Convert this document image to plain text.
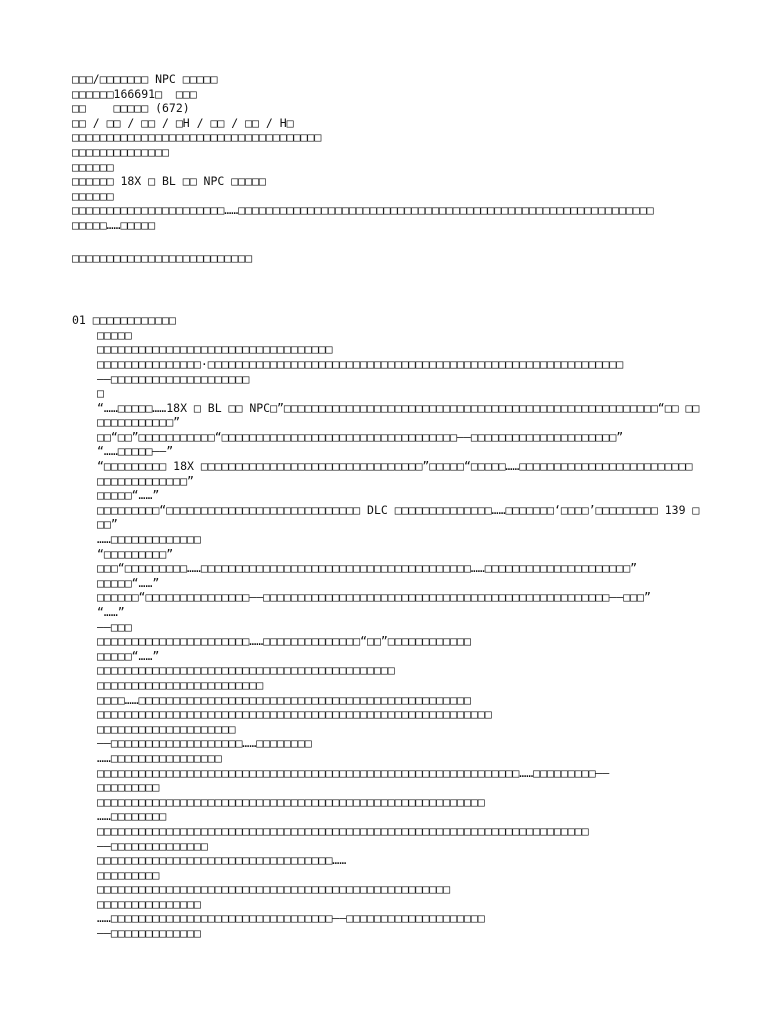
□□□/□□□□□□□ NPC □□□□□

□□□□□□166691□  □□□

□□    □□□□□ (672)

□□ / □□ / □□ / □H / □□ / □□ / H□

□□□□□□□□□□□□□□□□□□□□□□□□□□□□□□□□□□□□

□□□□□□□□□□□□□□

□□□□□□

□□□□□□ 18X □ BL □□ NPC □□□□□

□□□□□□

□□□□□□□□□□□□□□□□□□□□□□……□□□□□□□□□□□□□□□□□□□□□□□□□□□□□□□□□□□□□□□□□□□□□□□□□□□□□□□□□□□□

□□□□□……□□□□□

□□□□□□□□□□□□□□□□□□□□□□□□□□

01 □□□□□□□□□□□□

□□□□□

□□□□□□□□□□□□□□□□□□□□□□□□□□□□□□□□□□

□□□□□□□□□□□□□□□·□□□□□□□□□□□□□□□□□□□□□□□□□□□□□□□□□□□□□□□□□□□□□□□□□□□□□□□□□□□□

——□□□□□□□□□□□□□□□□□□□□

□

“……□□□□□……18X □ BL □□ NPC□”□□□□□□□□□□□□□□□□□□□□□□□□□□□□□□□□□□□□□□□□□□□□□□□□□□□□□□“□□ □□□□□□□□□□□□□”

□□“□□”□□□□□□□□□□□“□□□□□□□□□□□□□□□□□□□□□□□□□□□□□□□□□□——□□□□□□□□□□□□□□□□□□□□□”

“……□□□□□——”

“□□□□□□□□□ 18X □□□□□□□□□□□□□□□□□□□□□□□□□□□□□□□□”□□□□□“□□□□□……□□□□□□□□□□□□□□□□□□□□□□□□□ □□□□□□□□□□□□□”

□□□□□“……”

□□□□□□□□□“□□□□□□□□□□□□□□□□□□□□□□□□□□□□ DLC □□□□□□□□□□□□□□……□□□□□□□‘□□□□’□□□□□□□□□ 139 □□□”

……□□□□□□□□□□□□□

“□□□□□□□□□”

□□□“□□□□□□□□□……□□□□□□□□□□□□□□□□□□□□□□□□□□□□□□□□□□□□□□□……□□□□□□□□□□□□□□□□□□□□□”

□□□□□“……”

□□□□□□“□□□□□□□□□□□□□□□——□□□□□□□□□□□□□□□□□□□□□□□□□□□□□□□□□□□□□□□□□□□□□□□□□□——□□□”

“……”

——□□□

□□□□□□□□□□□□□□□□□□□□□□……□□□□□□□□□□□□□□“□□”□□□□□□□□□□□□

□□□□□“……”

□□□□□□□□□□□□□□□□□□□□□□□□□□□□□□□□□□□□□□□□□□□

□□□□□□□□□□□□□□□□□□□□□□□□

□□□□……□□□□□□□□□□□□□□□□□□□□□□□□□□□□□□□□□□□□□□□□□□□□□□□□

□□□□□□□□□□□□□□□□□□□□□□□□□□□□□□□□□□□□□□□□□□□□□□□□□□□□□□□□□

□□□□□□□□□□□□□□□□□□□□

——□□□□□□□□□□□□□□□□□□□……□□□□□□□□

……□□□□□□□□□□□□□□□□

□□□□□□□□□□□□□□□□□□□□□□□□□□□□□□□□□□□□□□□□□□□□□□□□□□□□□□□□□□□□□……□□□□□□□□□——

□□□□□□□□□

□□□□□□□□□□□□□□□□□□□□□□□□□□□□□□□□□□□□□□□□□□□□□□□□□□□□□□□□

……□□□□□□□□

□□□□□□□□□□□□□□□□□□□□□□□□□□□□□□□□□□□□□□□□□□□□□□□□□□□□□□□□□□□□□□□□□□□□□□□

——□□□□□□□□□□□□□□

□□□□□□□□□□□□□□□□□□□□□□□□□□□□□□□□□□……

□□□□□□□□□

□□□□□□□□□□□□□□□□□□□□□□□□□□□□□□□□□□□□□□□□□□□□□□□□□□□

□□□□□□□□□□□□□□□

……□□□□□□□□□□□□□□□□□□□□□□□□□□□□□□□□——□□□□□□□□□□□□□□□□□□□□

——□□□□□□□□□□□□□
